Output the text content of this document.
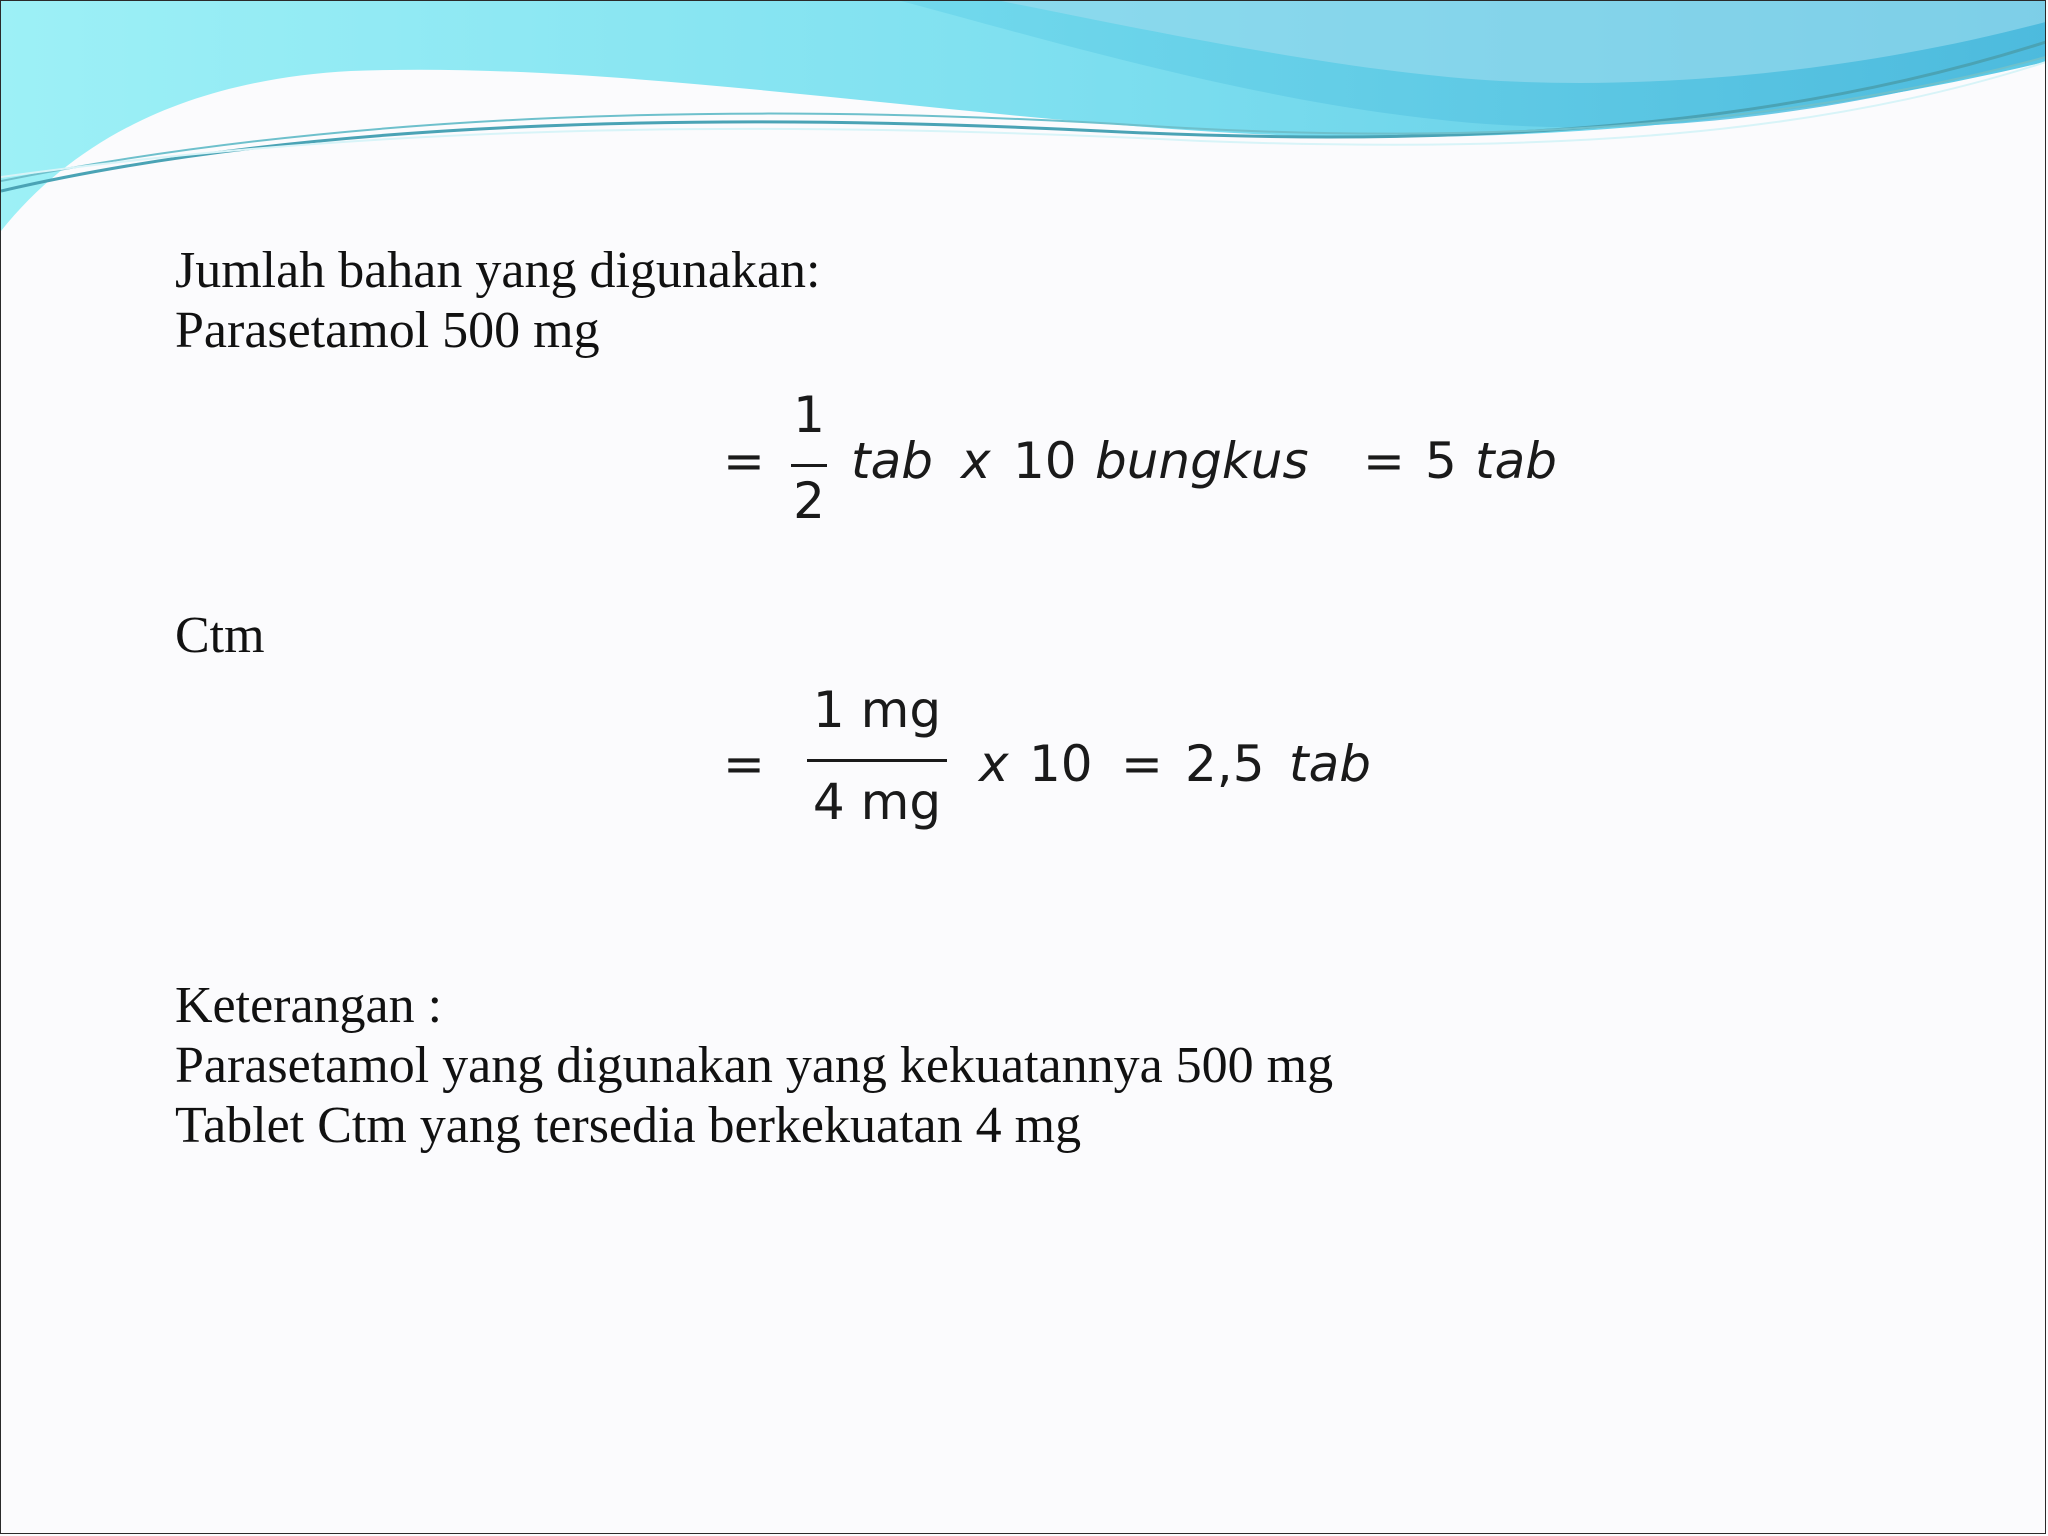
Jumlah bahan yang digunakan:
Parasetamol 500 mg
=
1
2
tab x 10 bungkus = 5 tab
Ctm
=
1 mg
4 mg
x 10 = 2,5 tab
Keterangan :
Parasetamol yang digunakan yang kekuatannya 500 mg
Tablet Ctm yang tersedia berkekuatan 4 mg
